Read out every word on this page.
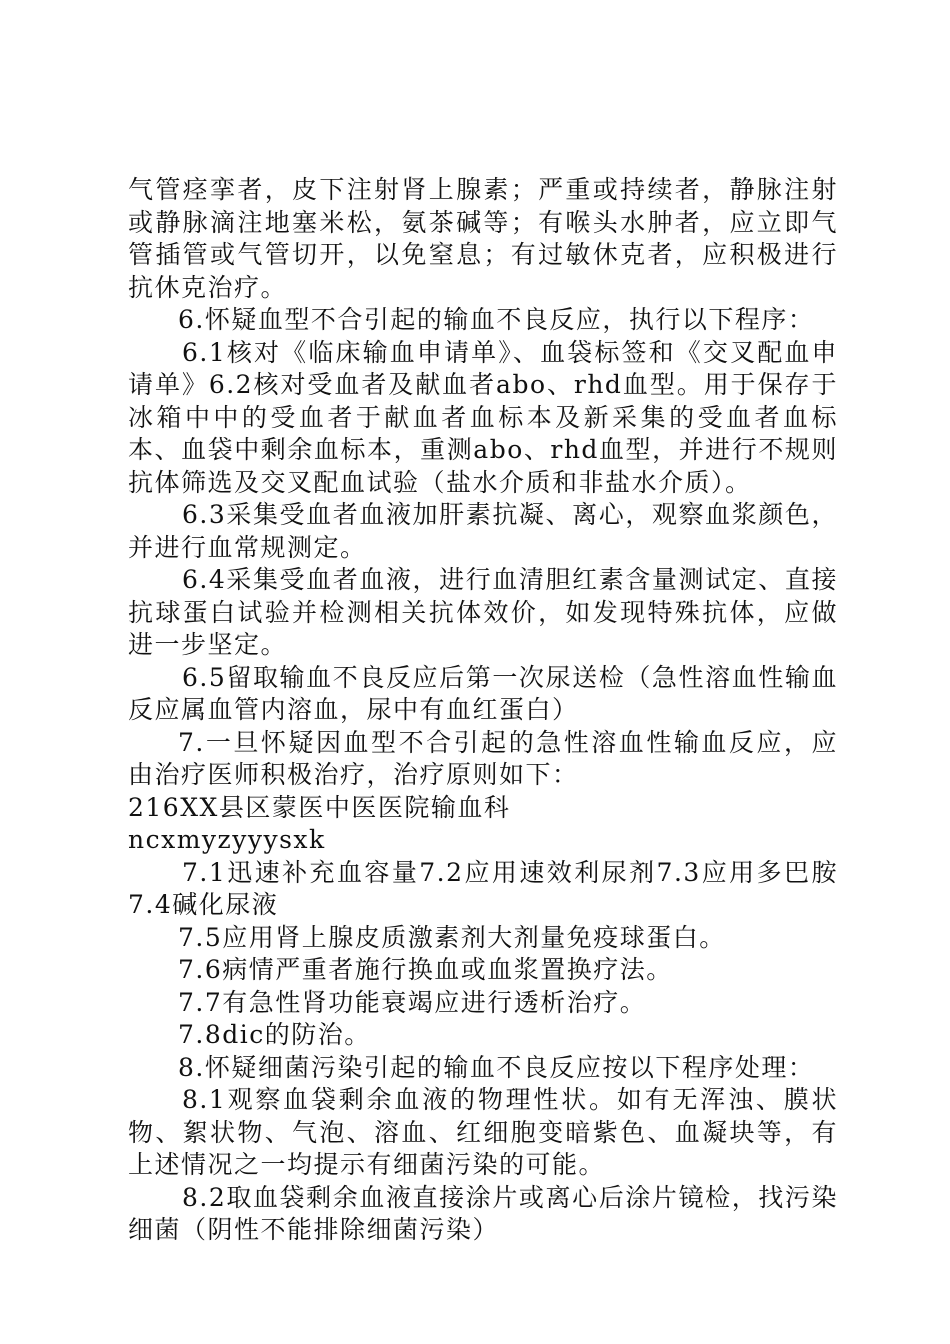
气管痉挛者，皮下注射肾上腺素；严重或持续者，静脉注射或静脉滴注地塞米松，氨茶碱等；有喉头水肿者，应立即气管插管或气管切开，以免窒息；有过敏休克者，应积极进行抗休克治疗。

6.怀疑血型不合引起的输血不良反应，执行以下程序：

6.1核对《临床输血申请单》、血袋标签和《交叉配血申请单》6.2核对受血者及献血者abo、rhd血型。用于保存于冰箱中中的受血者于献血者血标本及新采集的受血者血标本、血袋中剩余血标本，重测abo、rhd血型，并进行不规则抗体筛选及交叉配血试验（盐水介质和非盐水介质）。

6.3采集受血者血液加肝素抗凝、离心，观察血浆颜色，并进行血常规测定。

6.4采集受血者血液，进行血清胆红素含量测试定、直接抗球蛋白试验并检测相关抗体效价，如发现特殊抗体，应做进一步坚定。

6.5留取输血不良反应后第一次尿送检（急性溶血性输血反应属血管内溶血，尿中有血红蛋白）

7.一旦怀疑因血型不合引起的急性溶血性输血反应，应由治疗医师积极治疗，治疗原则如下：

216XX县区蒙医中医医院输血科

ncxmyzyyysxk

7.1迅速补充血容量7.2应用速效利尿剂7.3应用多巴胺7.4碱化尿液

7.5应用肾上腺皮质激素剂大剂量免疫球蛋白。

7.6病情严重者施行换血或血浆置换疗法。

7.7有急性肾功能衰竭应进行透析治疗。

7.8dic的防治。

8.怀疑细菌污染引起的输血不良反应按以下程序处理：

8.1观察血袋剩余血液的物理性状。如有无浑浊、膜状物、絮状物、气泡、溶血、红细胞变暗紫色、血凝块等，有上述情况之一均提示有细菌污染的可能。

8.2取血袋剩余血液直接涂片或离心后涂片镜检，找污染细菌（阴性不能排除细菌污染）
